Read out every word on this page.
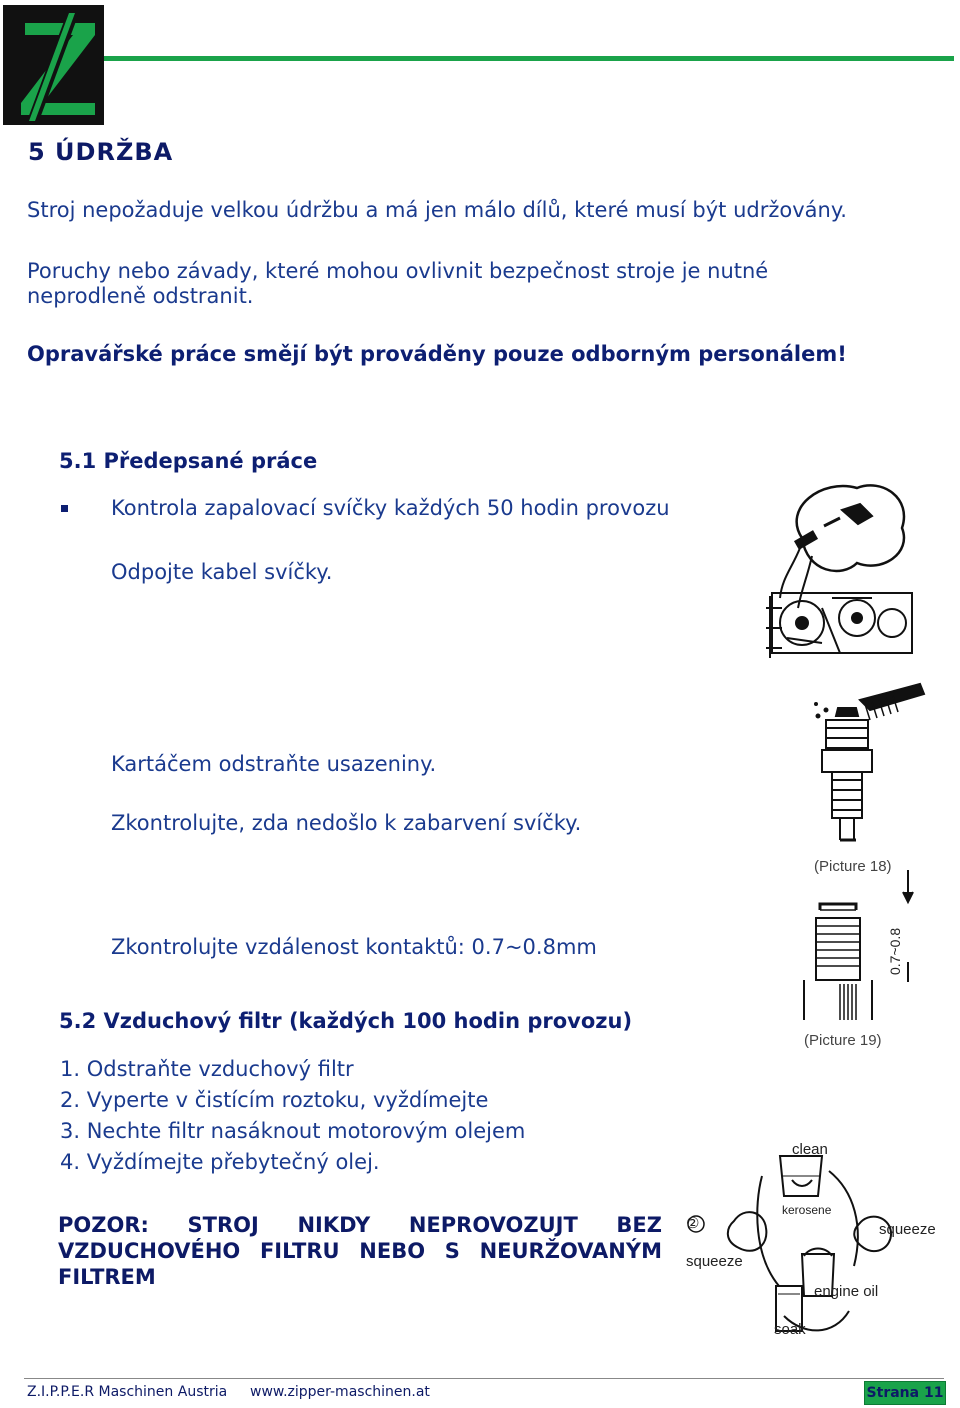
5 ÚDRŽBA
Stroj nepožaduje velkou údržbu a má jen málo dílů, které musí být udržovány.
Poruchy nebo závady, které mohou ovlivnit bezpečnost stroje je nutné
neprodleně odstranit.
Opravářské práce smějí být prováděny pouze odborným personálem!
5.1 Předepsané práce
Kontrola zapalovací svíčky každých 50 hodin provozu
Odpojte kabel svíčky.
Kartáčem odstraňte usazeniny.
Zkontrolujte, zda nedošlo k zabarvení svíčky.
Zkontrolujte vzdálenost kontaktů: 0.7~0.8mm
(Picture 18)
0.7~0.8
(Picture 19)
5.2 Vzduchový filtr (každých 100 hodin provozu)
1. Odstraňte vzduchový filtr
2. Vyperte v čistícím roztoku, vyždímejte
3. Nechte filtr nasáknout motorovým olejem
4. Vyždímejte přebytečný olej.
POZOR: STROJ NIKDY NEPROVOZUJT BEZ VZDUCHOVÉHO FILTRU NEBO S NEURŽOVANÝM FILTREM
clean
kerosene
squeeze
squeeze
engine oil
soak
②
Z.I.P.P.E.R Maschinen Austria www.zipper-maschinen.at	Strana 11
